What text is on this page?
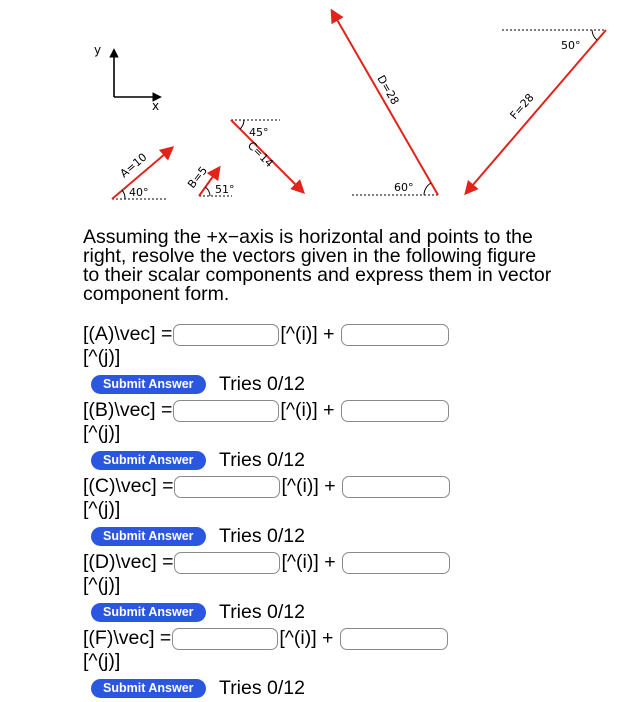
y
x
A=10
40°
B=5 51°
45°
C=14
60°
D=28
50°
F=28
Assuming the +x−axis is horizontal and points to the right, resolve the vectors given in the following figure to their scalar components and express them in vector component form.
[(A)\vec] =	[^(i)] +
[^(j)]
Submit Answer	Tries 0/12
[(B)\vec] =	[^(i)] +
[^(j)]
Submit Answer	Tries 0/12
[(C)\vec] =	[^(i)] +
[^(j)]
Submit Answer	Tries 0/12
[(D)\vec] =	[^(i)] +
[^(j)]
Submit Answer	Tries 0/12
[(F)\vec] =	[^(i)] +
[^(j)]
Submit Answer	Tries 0/12
